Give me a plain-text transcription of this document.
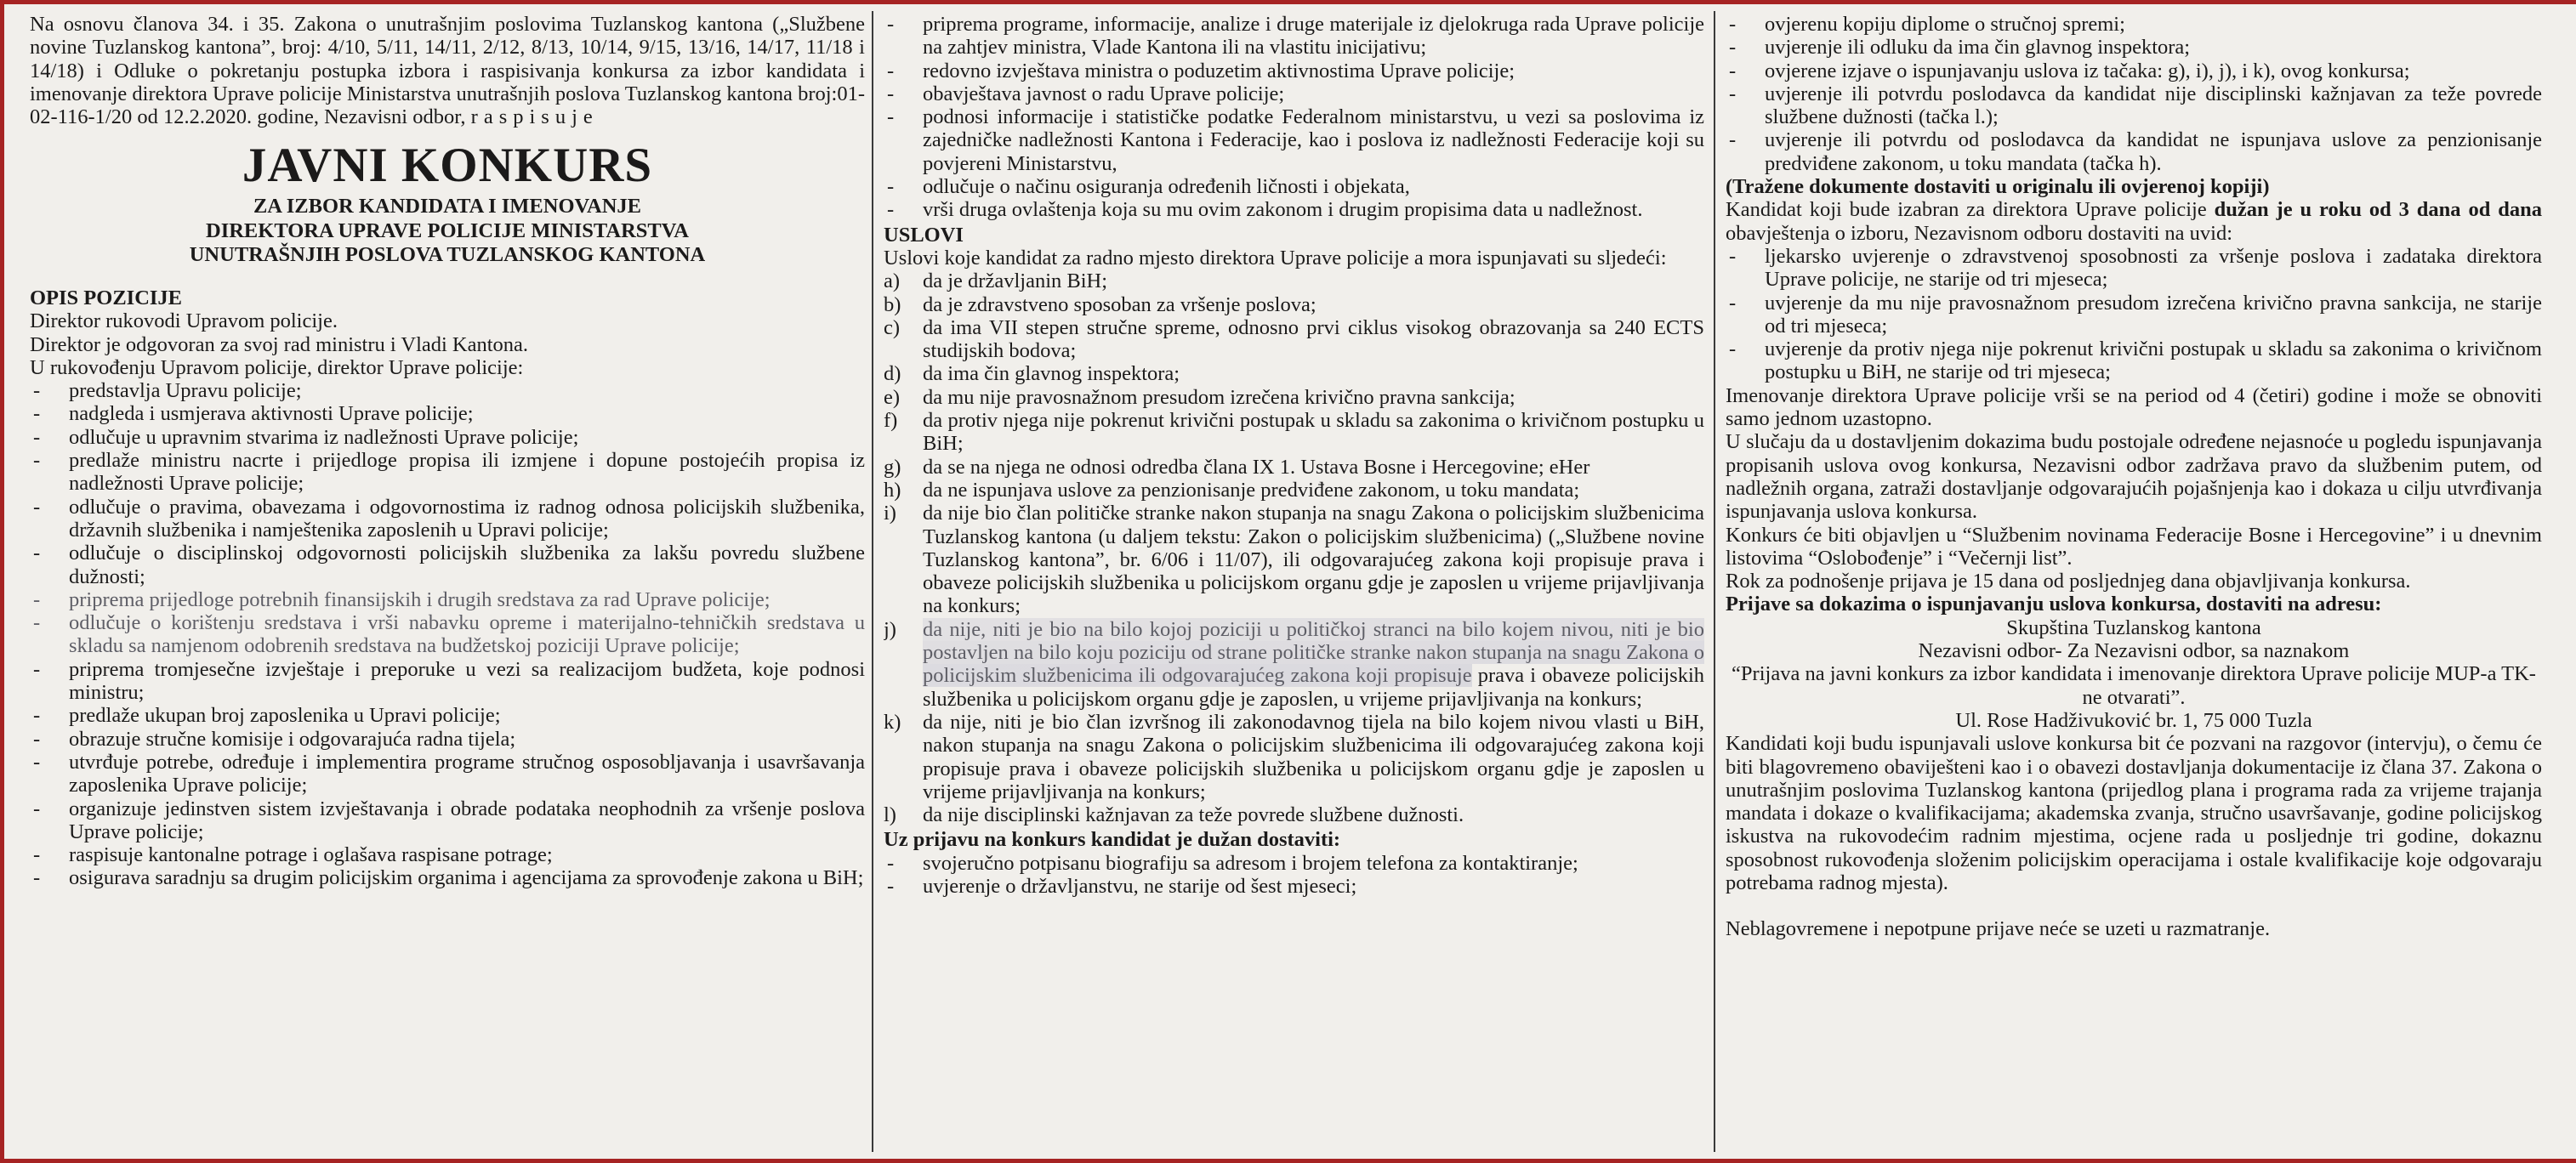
Na osnovu članova 34. i 35. Zakona o unutrašnjim poslovima Tuzlanskog kantona („Službene novine Tuzlanskog kantona”, broj: 4/10, 5/11, 14/11, 2/12, 8/13, 10/14, 9/15, 13/16, 14/17, 11/18 i 14/18) i Odluke o pokretanju postupka izbora i raspisivanja konkursa za izbor kandidata i imenovanje direktora Uprave policije Ministarstva unutrašnjih poslova Tuzlanskog kantona broj:01-02-116-1/20 od 12.2.2020. godine, Nezavisni odbor, raspisuje

JAVNI KONKURS
ZA IZBOR KANDIDATA I IMENOVANJE
DIREKTORA UPRAVE POLICIJE MINISTARSTVA
UNUTRAŠNJIH POSLOVA TUZLANSKOG KANTONA

OPIS POZICIJE

Direktor rukovodi Upravom policije.

Direktor je odgovoran za svoj rad ministru i Vladi Kantona.

U rukovođenju Upravom policije, direktor Uprave policije:

- predstavlja Upravu policije;
- nadgleda i usmjerava aktivnosti Uprave policije;
- odlučuje u upravnim stvarima iz nadležnosti Uprave policije;
- predlaže ministru nacrte i prijedloge propisa ili izmjene i dopune postojećih propisa iz nadležnosti Uprave policije;
- odlučuje o pravima, obavezama i odgovornostima iz radnog odnosa policijskih službenika, državnih službenika i namještenika zaposlenih u Upravi policije;
- odlučuje o disciplinskoj odgovornosti policijskih službenika za lakšu povredu službene dužnosti;
- priprema prijedloge potrebnih finansijskih i drugih sredstava za rad Uprave policije;
- odlučuje o korištenju sredstava i vrši nabavku opreme i materijalno-tehničkih sredstava u skladu sa namjenom odobrenih sredstava na budžetskoj poziciji Uprave policije;
- priprema tromjesečne izvještaje i preporuke u vezi sa realizacijom budžeta, koje podnosi ministru;
- predlaže ukupan broj zaposlenika u Upravi policije;
- obrazuje stručne komisije i odgovarajuća radna tijela;
- utvrđuje potrebe, određuje i implementira programe stručnog osposobljavanja i usavršavanja zaposlenika Uprave policije;
- organizuje jedinstven sistem izvještavanja i obrade podataka neophodnih za vršenje poslova Uprave policije;
- raspisuje kantonalne potrage i oglašava raspisane potrage;
- osigurava saradnju sa drugim policijskim organima i agencijama za sprovođenje zakona u BiH;
- priprema programe, informacije, analize i druge materijale iz djelokruga rada Uprave policije na zahtjev ministra, Vlade Kantona ili na vlastitu inicijativu;
- redovno izvještava ministra o poduzetim aktivnostima Uprave policije;
- obavještava javnost o radu Uprave policije;
- podnosi informacije i statističke podatke Federalnom ministarstvu, u vezi sa poslovima iz zajedničke nadležnosti Kantona i Federacije, kao i poslova iz nadležnosti Federacije koji su povjereni Ministarstvu,
- odlučuje o načinu osiguranja određenih ličnosti i objekata,
- vrši druga ovlaštenja koja su mu ovim zakonom i drugim propisima data u nadležnost.

USLOVI

Uslovi koje kandidat za radno mjesto direktora Uprave policije a mora ispunjavati su sljedeći:

a) da je državljanin BiH;
b) da je zdravstveno sposoban za vršenje poslova;
c) da ima VII stepen stručne spreme, odnosno prvi ciklus visokog obrazovanja sa 240 ECTS studijskih bodova;
d) da ima čin glavnog inspektora;
e) da mu nije pravosnažnom presudom izrečena krivično pravna sankcija;
f) da protiv njega nije pokrenut krivični postupak u skladu sa zakonima o krivičnom postupku u BiH;
g) da se na njega ne odnosi odredba člana IX 1. Ustava Bosne i Hercegovine; eHer
h) da ne ispunjava uslove za penzionisanje predviđene zakonom, u toku mandata;
i) da nije bio član političke stranke nakon stupanja na snagu Zakona o policijskim službenicima Tuzlanskog kantona (u daljem tekstu: Zakon o policijskim službenicima) („Službene novine Tuzlanskog kantona”, br. 6/06 i 11/07), ili odgovarajućeg zakona koji propisuje prava i obaveze policijskih službenika u policijskom organu gdje je zaposlen u vrijeme prijavljivanja na konkurs;
j) da nije, niti je bio na bilo kojoj poziciji u političkoj stranci na bilo kojem nivou, niti je bio postavljen na bilo koju poziciju od strane političke stranke nakon stupanja na snagu Zakona o policijskim službenicima ili odgovarajućeg zakona koji propisuje prava i obaveze policijskih službenika u policijskom organu gdje je zaposlen, u vrijeme prijavljivanja na konkurs;
k) da nije, niti je bio član izvršnog ili zakonodavnog tijela na bilo kojem nivou vlasti u BiH, nakon stupanja na snagu Zakona o policijskim službenicima ili odgovarajućeg zakona koji propisuje prava i obaveze policijskih službenika u policijskom organu gdje je zaposlen u vrijeme prijavljivanja na konkurs;
l) da nije disciplinski kažnjavan za teže povrede službene dužnosti.

Uz prijavu na konkurs kandidat je dužan dostaviti:

- svojeručno potpisanu biografiju sa adresom i brojem telefona za kontaktiranje;
- uvjerenje o državljanstvu, ne starije od šest mjeseci;
- ovjerenu kopiju diplome o stručnoj spremi;
- uvjerenje ili odluku da ima čin glavnog inspektora;
- ovjerene izjave o ispunjavanju uslova iz tačaka: g), i), j), i k), ovog konkursa;
- uvjerenje ili potvrdu poslodavca da kandidat nije disciplinski kažnjavan za teže povrede službene dužnosti (tačka l.);
- uvjerenje ili potvrdu od poslodavca da kandidat ne ispunjava uslove za penzionisanje predviđene zakonom, u toku mandata (tačka h).

(Tražene dokumente dostaviti u originalu ili ovjerenoj kopiji)

Kandidat koji bude izabran za direktora Uprave policije dužan je u roku od 3 dana od dana obavještenja o izboru, Nezavisnom odboru dostaviti na uvid:

- ljekarsko uvjerenje o zdravstvenoj sposobnosti za vršenje poslova i zadataka direktora Uprave policije, ne starije od tri mjeseca;
- uvjerenje da mu nije pravosnažnom presudom izrečena krivično pravna sankcija, ne starije od tri mjeseca;
- uvjerenje da protiv njega nije pokrenut krivični postupak u skladu sa zakonima o krivičnom postupku u BiH, ne starije od tri mjeseca;

Imenovanje direktora Uprave policije vrši se na period od 4 (četiri) godine i može se obnoviti samo jednom uzastopno.

U slučaju da u dostavljenim dokazima budu postojale određene nejasnoće u pogledu ispunjavanja propisanih uslova ovog konkursa, Nezavisni odbor zadržava pravo da službenim putem, od nadležnih organa, zatraži dostavljanje odgovarajućih pojašnjenja kao i dokaza u cilju utvrđivanja ispunjavanja uslova konkursa.

Konkurs će biti objavljen u “Službenim novinama Federacije Bosne i Hercegovine” i u dnevnim listovima “Oslobođenje” i “Večernji list”.

Rok za podnošenje prijava je 15 dana od posljednjeg dana objavljivanja konkursa.

Prijave sa dokazima o ispunjavanju uslova konkursa, dostaviti na adresu:

Skupština Tuzlanskog kantona

Nezavisni odbor- Za Nezavisni odbor, sa naznakom

“Prijava na javni konkurs za izbor kandidata i imenovanje direktora Uprave policije MUP-a TK- ne otvarati”.

Ul. Rose Hadživuković br. 1, 75 000 Tuzla

Kandidati koji budu ispunjavali uslove konkursa bit će pozvani na razgovor (intervju), o čemu će biti blagovremeno obaviješteni kao i o obavezi dostavljanja dokumentacije iz člana 37. Zakona o unutrašnjim poslovima Tuzlanskog kantona (prijedlog plana i programa rada za vrijeme trajanja mandata i dokaze o kvalifikacijama; akademska zvanja, stručno usavršavanje, godine policijskog iskustva na rukovodećim radnim mjestima, ocjene rada u posljednje tri godine, dokaznu sposobnost rukovođenja složenim policijskim operacijama i ostale kvalifikacije koje odgovaraju potrebama radnog mjesta).

Neblagovremene i nepotpune prijave neće se uzeti u razmatranje.
